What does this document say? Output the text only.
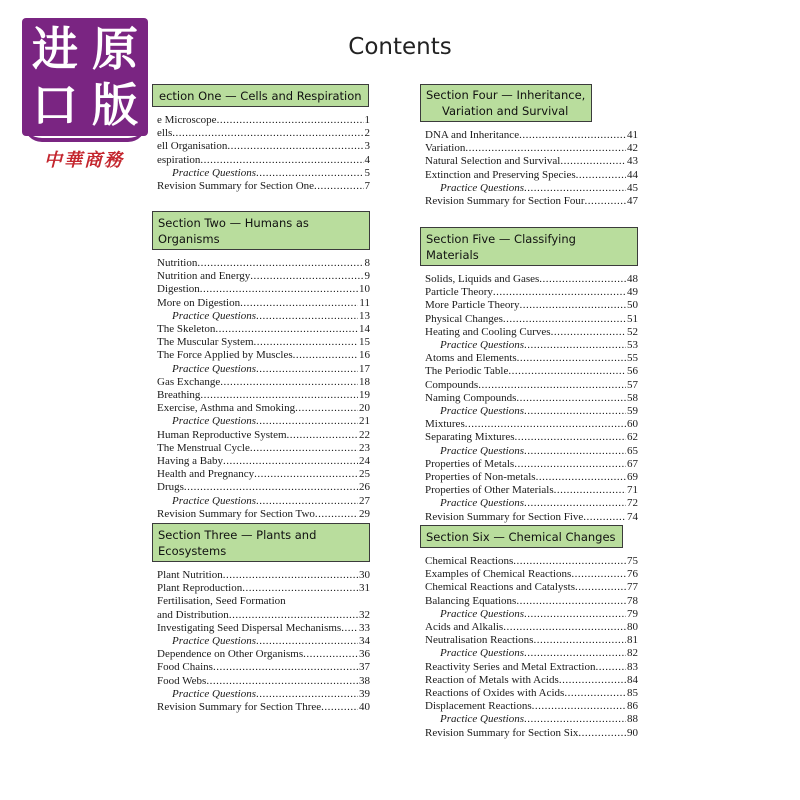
进 原
口 版
中華商務
Contents
ection One — Cells and Respiration
e Microscope .....	1
ells .....	2
ell Organisation .....	3
espiration .....	4
Practice Questions .....	5
Revision Summary for Section One .....	7
Section Two — Humans as Organisms
Nutrition .....	8
Nutrition and Energy .....	9
Digestion .....	10
More on Digestion .....	11
Practice Questions .....	13
The Skeleton .....	14
The Muscular System .....	15
The Force Applied by Muscles .....	16
Practice Questions .....	17
Gas Exchange .....	18
Breathing .....	19
Exercise, Asthma and Smoking .....	20
Practice Questions .....	21
Human Reproductive System .....	22
The Menstrual Cycle .....	23
Having a Baby .....	24
Health and Pregnancy .....	25
Drugs .....	26
Practice Questions .....	27
Revision Summary for Section Two .....	29
Section Three — Plants and Ecosystems
Plant Nutrition .....	30
Plant Reproduction .....	31
Fertilisation, Seed Formation
and Distribution .....	32
Investigating Seed Dispersal Mechanisms ..... 33
Practice Questions .....	34
Dependence on Other Organisms .....	36
Food Chains .....	37
Food Webs .....	38
Practice Questions .....	39
Revision Summary for Section Three .....	40
Section Four — Inheritance,
Variation and Survival
DNA and Inheritance .....	41
Variation .....	42
Natural Selection and Survival .....	43
Extinction and Preserving Species .....	44
Practice Questions .....	45
Revision Summary for Section Four .....	47
Section Five — Classifying Materials
Solids, Liquids and Gases .....	48
Particle Theory .....	49
More Particle Theory .....	50
Physical Changes .....	51
Heating and Cooling Curves .....	52
Practice Questions .....	53
Atoms and Elements .....	55
The Periodic Table .....	56
Compounds .....	57
Naming Compounds .....	58
Practice Questions .....	59
Mixtures .....	60
Separating Mixtures .....	62
Practice Questions .....	65
Properties of Metals .....	67
Properties of Non-metals .....	69
Properties of Other Materials .....	71
Practice Questions .....	72
Revision Summary for Section Five .....	74
Section Six — Chemical Changes
Chemical Reactions .....	75
Examples of Chemical Reactions .....	76
Chemical Reactions and Catalysts .....	77
Balancing Equations .....	78
Practice Questions .....	79
Acids and Alkalis .....	80
Neutralisation Reactions .....	81
Practice Questions .....	82
Reactivity Series and Metal Extraction .....	83
Reaction of Metals with Acids .....	84
Reactions of Oxides with Acids .....	85
Displacement Reactions .....	86
Practice Questions .....	88
Revision Summary for Section Six .....	90
